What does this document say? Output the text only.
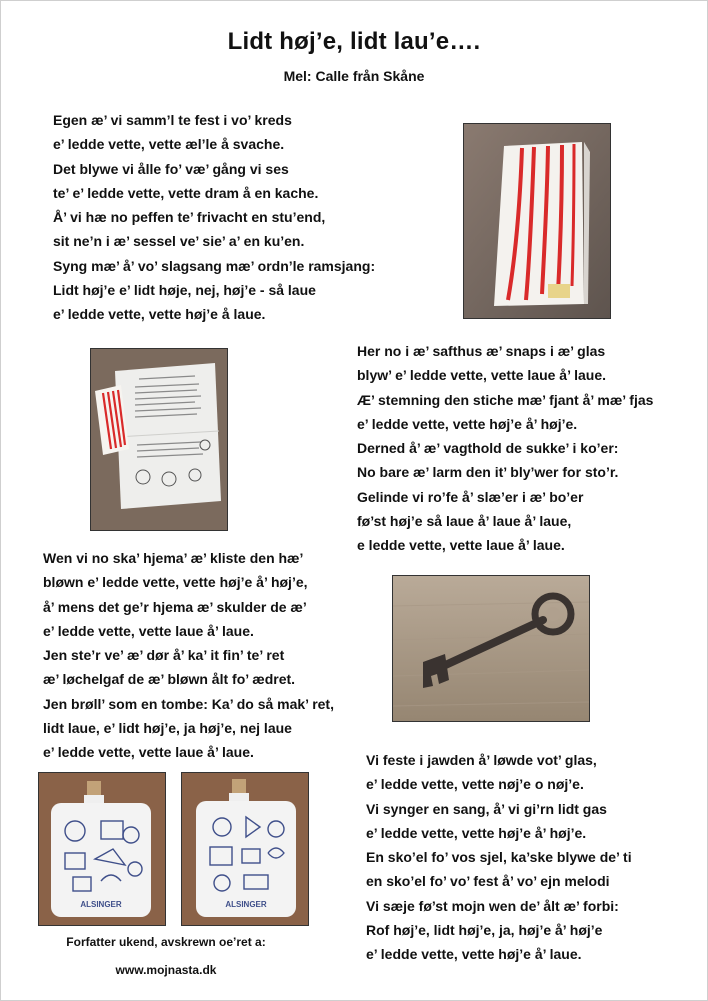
Lidt høj’e, lidt lau’e….
Mel: Calle från Skåne
Egen æ’ vi samm’l te fest i vo’ kreds
e’ ledde vette, vette æl’le å svache.
Det blywe vi ålle fo’ væ’ gång vi ses
te’ e’ ledde vette, vette dram å en kache.
Å’ vi hæ no peffen te’ frivacht en stu’end,
sit ne’n i æ’ sessel ve’ sie’ a’ en ku’en.
Syng mæ’ å’ vo’ slagsang mæ’ ordn’le ramsjang:
Lidt høj’e e’ lidt høje, nej, høj’e - så laue
e’ ledde vette, vette høj’e å laue.
Her no i æ’ safthus æ’ snaps i æ’ glas
blyw’ e’ ledde vette, vette laue å’ laue.
Æ’ stemning den stiche mæ’ fjant å’ mæ’ fjas
e’ ledde vette, vette høj’e å’ høj’e.
Derned å’ æ’ vagthold de sukke’ i ko’er:
No bare æ’ larm den it’ bly’wer for sto’r.
Gelinde vi ro’fe å’ slæ’er i æ’ bo’er
fø’st høj’e så laue å’ laue å’ laue,
e ledde vette, vette laue å’ laue.
Wen vi no ska’ hjema’ æ’ kliste den hæ’
bløwn e’ ledde vette, vette høj’e å’ høj’e,
å’ mens det ge’r hjema æ’ skulder de æ’
e’ ledde vette, vette laue å’ laue.
Jen ste’r ve’ æ’ dør å’ ka’ it fin’ te’ ret
æ’ løchelgaf de æ’ bløwn ålt fo’ ædret.
Jen brøll’ som en tombe: Ka’ do så mak’ ret,
lidt laue, e’ lidt høj’e, ja høj’e, nej laue
e’ ledde vette, vette laue å’ laue.	Vi feste i jawden å’ løwde vot’ glas,
e’ ledde vette, vette nøj’e o nøj’e.
Vi synger en sang, å’ vi gi’rn lidt gas
e’ ledde vette, vette høj’e å’ høj’e.
En sko’el fo’ vos sjel, ka’ske blywe de’ ti
en sko’el fo’ vo’ fest å’ vo’ ejn melodi
Vi sæje fø’st mojn wen de’ ålt æ’ forbi:
Rof høj’e, lidt høj’e, ja, høj’e å’ høj’e
e’ ledde vette, vette høj’e å’ laue.
ALSINGER	ALSINGER
Forfatter ukend, avskrewn oe’ret a:
www.mojnasta.dk
